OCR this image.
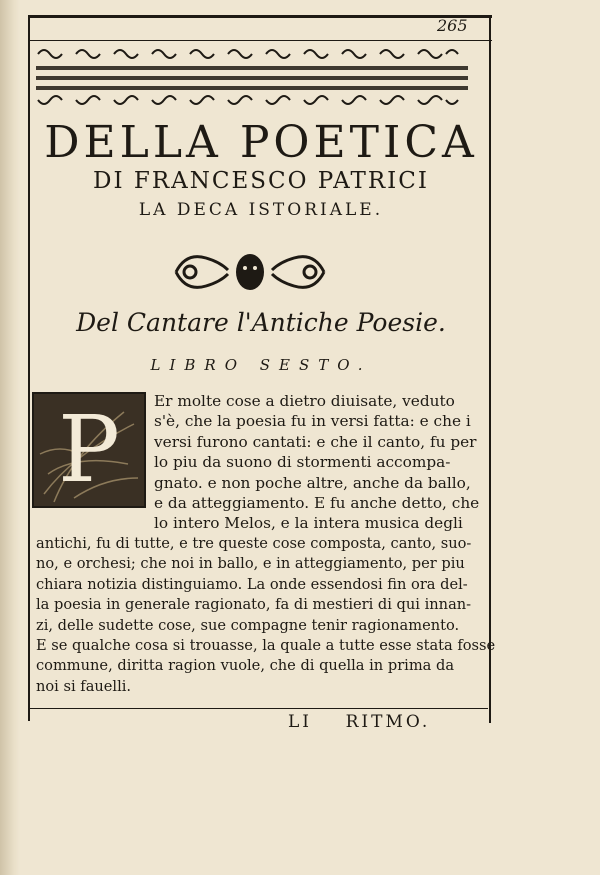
265
DELLA POETICA
DI FRANCESCO PATRICI
LA DECA ISTORIALE.
Del Cantare l'Antiche Poesie.
LIBRO SESTO.
P	Er molte cose a dietro diuisate, veduto
s'è, che la poesia fu in versi fatta: e che i
versi furono cantati: e che il canto, fu per
lo piu da suono di stormenti accompa-
gnato. e non poche altre, anche da ballo,
e da atteggiamento. E fu anche detto, che
lo intero Melos, e la intera musica degli
antichi, fu di tutte, e tre queste cose composta, canto, suo-
no, e orchesi; che noi in ballo, e in atteggiamento, per piu
chiara notizia distinguiamo. La onde essendosi fin ora del-
la poesia in generale ragionato, fa di mestieri di qui innan-
zi, delle sudette cose, sue compagne tenir ragionamento.
E se qualche cosa si trouasse, la quale a tutte esse stata fosse
commune, diritta ragion vuole, che di quella in prima da
noi si fauelli.
LI    RITMO.
